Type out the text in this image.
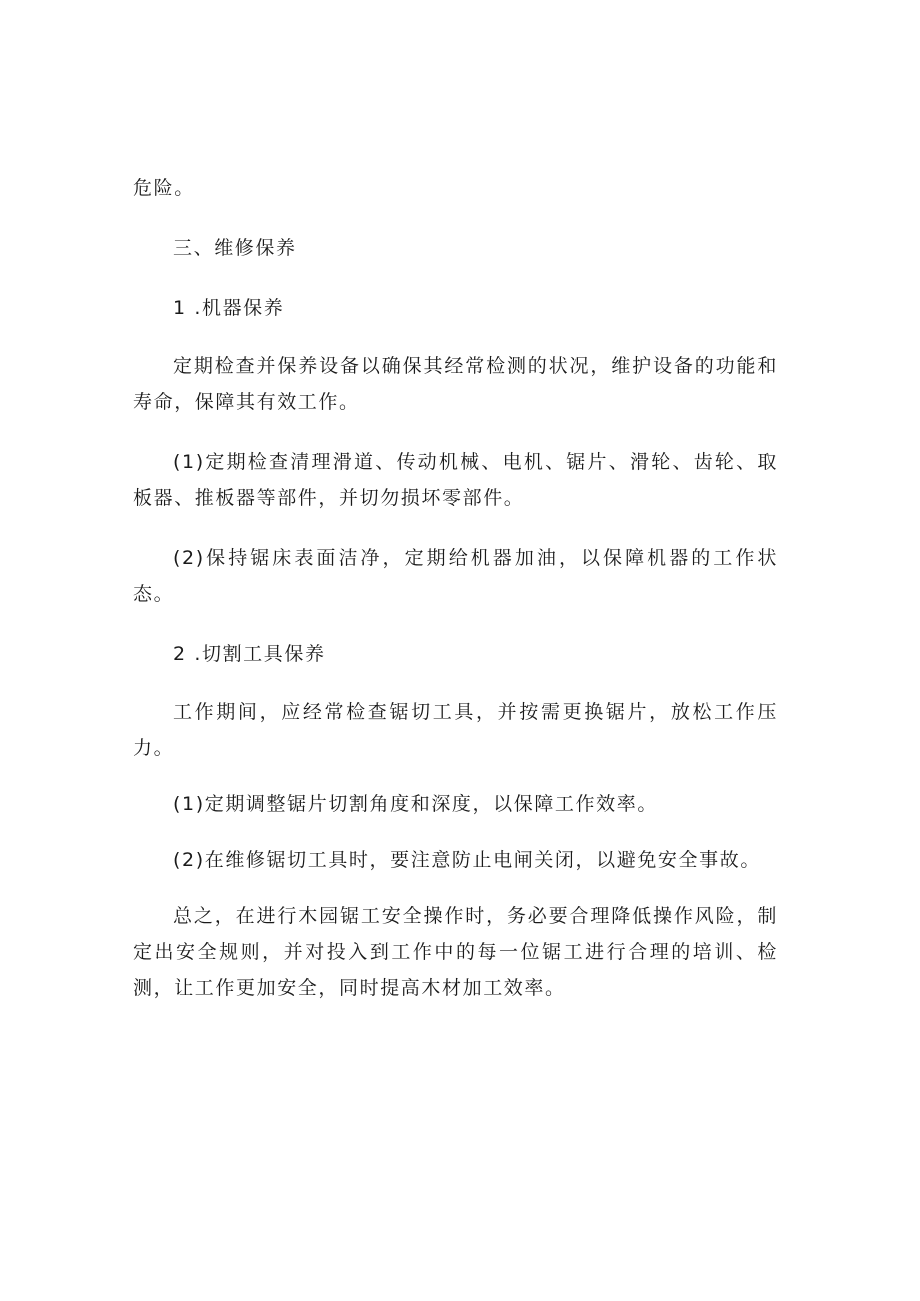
危险。

三、维修保养

1 .机器保养

定期检查并保养设备以确保其经常检测的状况，维护设备的功能和寿命，保障其有效工作。

(1)定期检查清理滑道、传动机械、电机、锯片、滑轮、齿轮、取板器、推板器等部件，并切勿损坏零部件。

(2)保持锯床表面洁净，定期给机器加油，以保障机器的工作状态。

2 .切割工具保养

工作期间，应经常检查锯切工具，并按需更换锯片，放松工作压力。

(1)定期调整锯片切割角度和深度，以保障工作效率。

(2)在维修锯切工具时，要注意防止电闸关闭，以避免安全事故。

总之，在进行木园锯工安全操作时，务必要合理降低操作风险，制定出安全规则，并对投入到工作中的每一位锯工进行合理的培训、检测，让工作更加安全，同时提高木材加工效率。
